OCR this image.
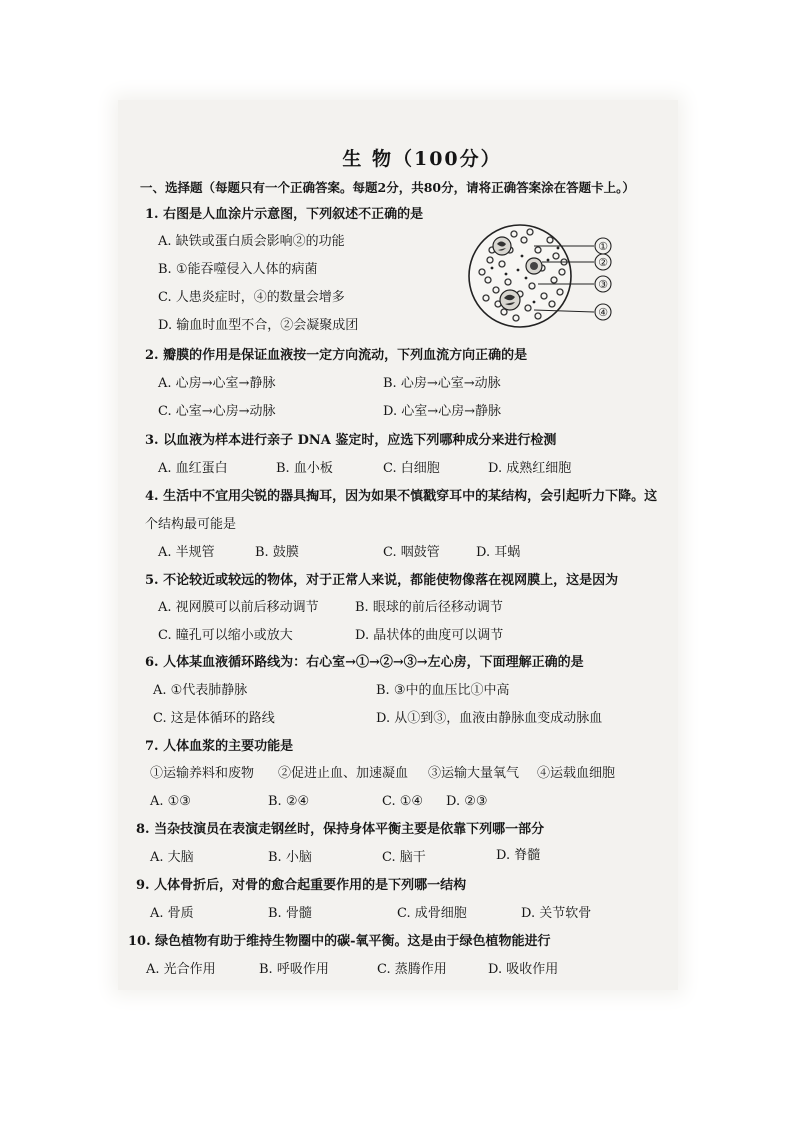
生 物（100分）
一、选择题（每题只有一个正确答案。每题2分，共80分，请将正确答案涂在答题卡上。）
①
②
③
④
1. 右图是人血涂片示意图，下列叙述不正确的是
A. 缺铁或蛋白质会影响②的功能
B. ①能吞噬侵入人体的病菌
C. 人患炎症时，④的数量会增多
D. 输血时血型不合，②会凝聚成团
2. 瓣膜的作用是保证血液按一定方向流动，下列血流方向正确的是
A. 心房→心室→静脉	B. 心房→心室→动脉
C. 心室→心房→动脉	D. 心室→心房→静脉
3. 以血液为样本进行亲子 DNA 鉴定时，应选下列哪种成分来进行检测
A. 血红蛋白	B. 血小板	C. 白细胞	D. 成熟红细胞
4. 生活中不宜用尖锐的器具掏耳，因为如果不慎戳穿耳中的某结构，会引起听力下降。这
个结构最可能是
A. 半规管	B. 鼓膜	C. 咽鼓管	D. 耳蜗
5. 不论较近或较远的物体，对于正常人来说，都能使物像落在视网膜上，这是因为
A. 视网膜可以前后移动调节	B. 眼球的前后径移动调节
C. 瞳孔可以缩小或放大	D. 晶状体的曲度可以调节
6. 人体某血液循环路线为：右心室→①→②→③→左心房，下面理解正确的是
A. ①代表肺静脉	B. ③中的血压比①中高
C. 这是体循环的路线	D. 从①到③，血液由静脉血变成动脉血
7. 人体血浆的主要功能是
①运输养料和废物 ②促进止血、加速凝血 ③运输大量氧气 ④运载血细胞
A. ①③	B. ②④	C. ①④ D. ②③
8. 当杂技演员在表演走钢丝时，保持身体平衡主要是依靠下列哪一部分
A. 大脑	B. 小脑	C. 脑干	D. 脊髓
9. 人体骨折后，对骨的愈合起重要作用的是下列哪一结构
A. 骨质	B. 骨髓	C. 成骨细胞	D. 关节软骨
10. 绿色植物有助于维持生物圈中的碳-氧平衡。这是由于绿色植物能进行
A. 光合作用	B. 呼吸作用	C. 蒸腾作用	D. 吸收作用
